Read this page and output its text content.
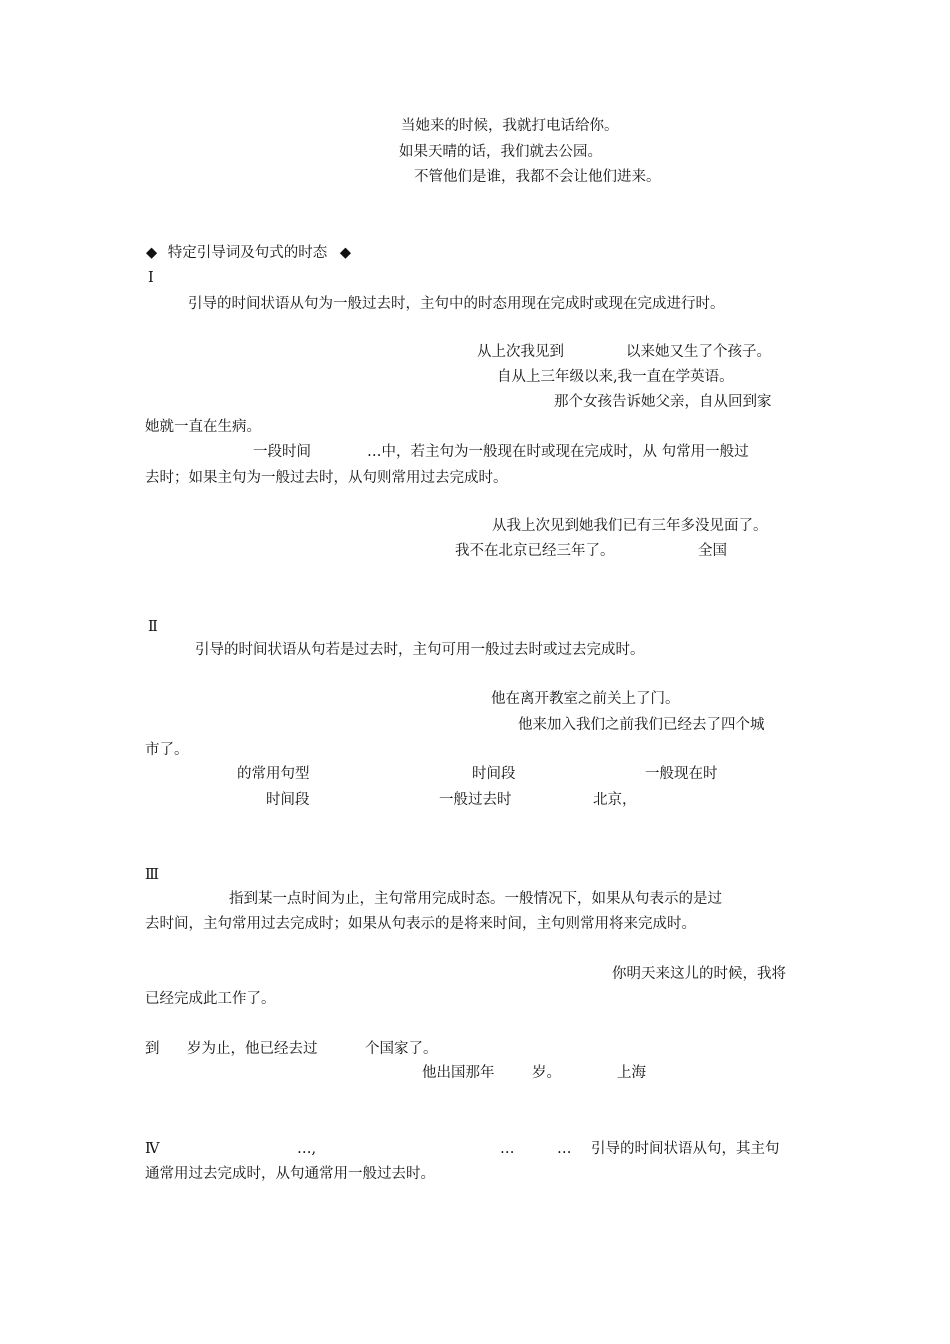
当她来的时候，我就打电话给你。
如果天晴的话，我们就去公园。
不管他们是谁，我都不会让他们进来。
◆ 特定引导词及句式的时态 ◆
Ⅰ
引导的时间状语从句为一般过去时，主句中的时态用现在完成时或现在完成进行时。
从上次我见到	以来她又生了个孩子。
自从上三年级以来,我一直在学英语。
那个女孩告诉她父亲，自从回到家
她就一直在生病。
一段时间	…中，若主句为一般现在时或现在完成时，从 句常用一般过
去时；如果主句为一般过去时，从句则常用过去完成时。
从我上次见到她我们已有三年多没见面了。
我不在北京已经三年了。	全国
Ⅱ
引导的时间状语从句若是过去时，主句可用一般过去时或过去完成时。
他在离开教室之前关上了门。
他来加入我们之前我们已经去了四个城
市了。
的常用句型	时间段	一般现在时
时间段	一般过去时	北京，
Ⅲ
指到某一点时间为止，主句常用完成时态。一般情况下，如果从句表示的是过
去时间，主句常用过去完成时；如果从句表示的是将来时间，主句则常用将来完成时。
你明天来这儿的时候，我将
已经完成此工作了。
到 岁为止，他已经去过	个国家了。
他出国那年	岁。	上海
Ⅳ	…,	…	… 引导的时间状语从句，其主句
通常用过去完成时，从句通常用一般过去时。
